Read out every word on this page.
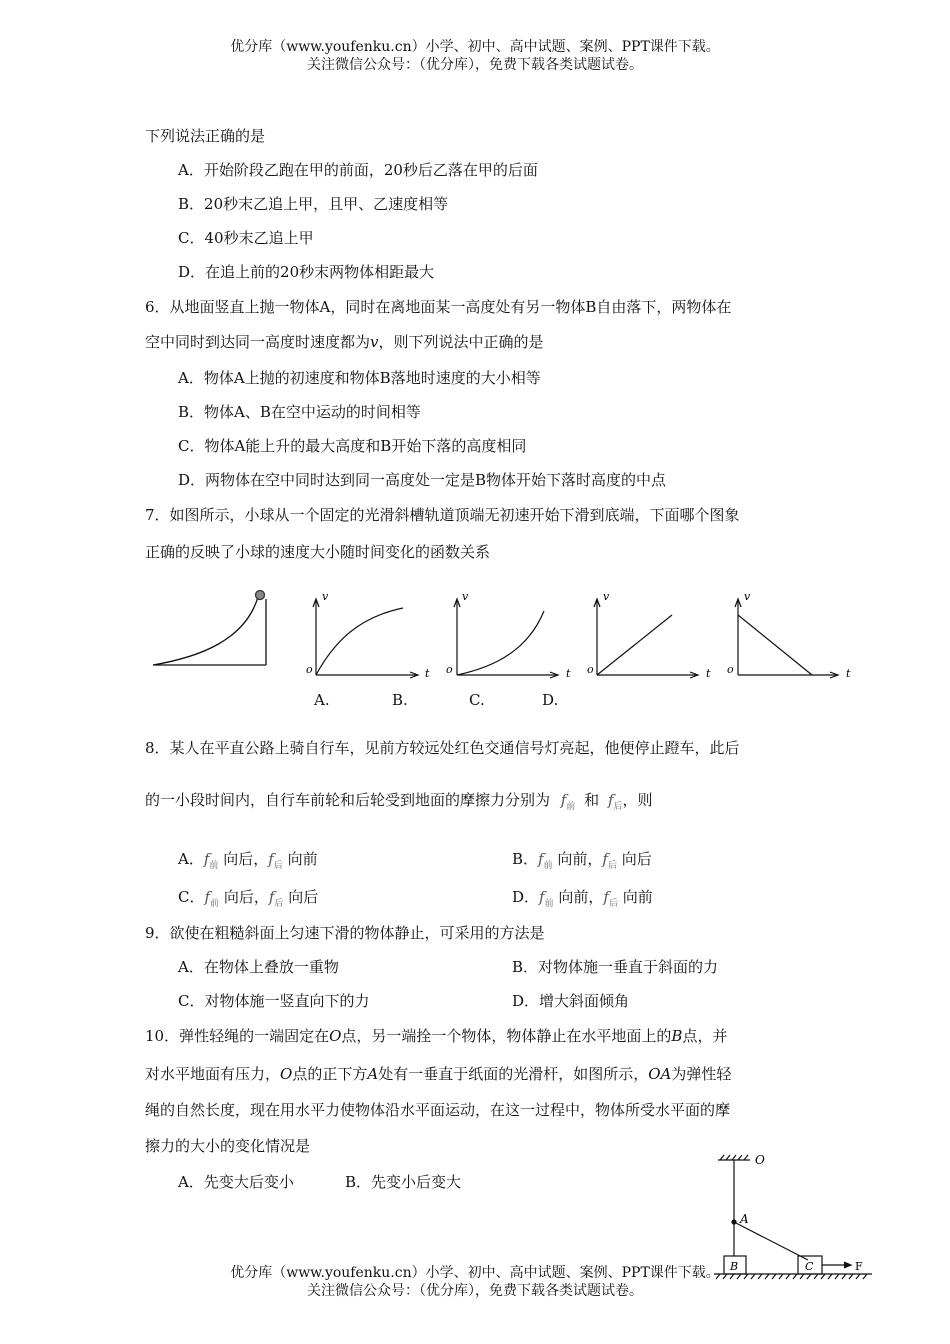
优分库（www.youfenku.cn）小学、初中、高中试题、案例、PPT课件下载。
关注微信公众号：（优分库），免费下载各类试题试卷。
下列说法正确的是
A．开始阶段乙跑在甲的前面，20秒后乙落在甲的后面
B．20秒末乙追上甲，且甲、乙速度相等
C．40秒末乙追上甲
D．在追上前的20秒末两物体相距最大
6．从地面竖直上抛一物体A，同时在离地面某一高度处有另一物体B自由落下，两物体在
空中同时到达同一高度时速度都为v，则下列说法中正确的是
A．物体A上抛的初速度和物体B落地时速度的大小相等
B．物体A、B在空中运动的时间相等
C．物体A能上升的最大高度和B开始下落的高度相同
D．两物体在空中同时达到同一高度处一定是B物体开始下落时高度的中点
7．如图所示，小球从一个固定的光滑斜槽轨道顶端无初速开始下滑到底端，下面哪个图象
正确的反映了小球的速度大小随时间变化的函数关系
v
o	t
v
o	t
v
o	t
v
o	t
A.	B.	C.	D.
8．某人在平直公路上骑自行车，见前方较远处红色交通信号灯亮起，他便停止蹬车，此后
的一小段时间内，自行车前轮和后轮受到地面的摩擦力分别为 $f_前$ 和 $f_后$，则
A．$f_前$ 向后，$f_后$ 向前	B．$f_前$ 向前，$f_后$ 向后
C．$f_前$ 向后，$f_后$ 向后	D．$f_前$ 向前，$f_后$ 向前
9．欲使在粗糙斜面上匀速下滑的物体静止，可采用的方法是
A．在物体上叠放一重物	B．对物体施一垂直于斜面的力
C．对物体施一竖直向下的力	D．增大斜面倾角
10．弹性轻绳的一端固定在O点，另一端拴一个物体，物体静止在水平地面上的B点，并
对水平地面有压力，O点的正下方A处有一垂直于纸面的光滑杆，如图所示，OA为弹性轻
绳的自然长度，现在用水平力使物体沿水平面运动，在这一过程中，物体所受水平面的摩
擦力的大小的变化情况是
A．先变大后变小	B．先变小后变大
优分库（www.youfenku.cn）小学、初中、高中试题、案例、PPT课件下载。
关注微信公众号：（优分库），免费下载各类试题试卷。
O
A
B	C	F
